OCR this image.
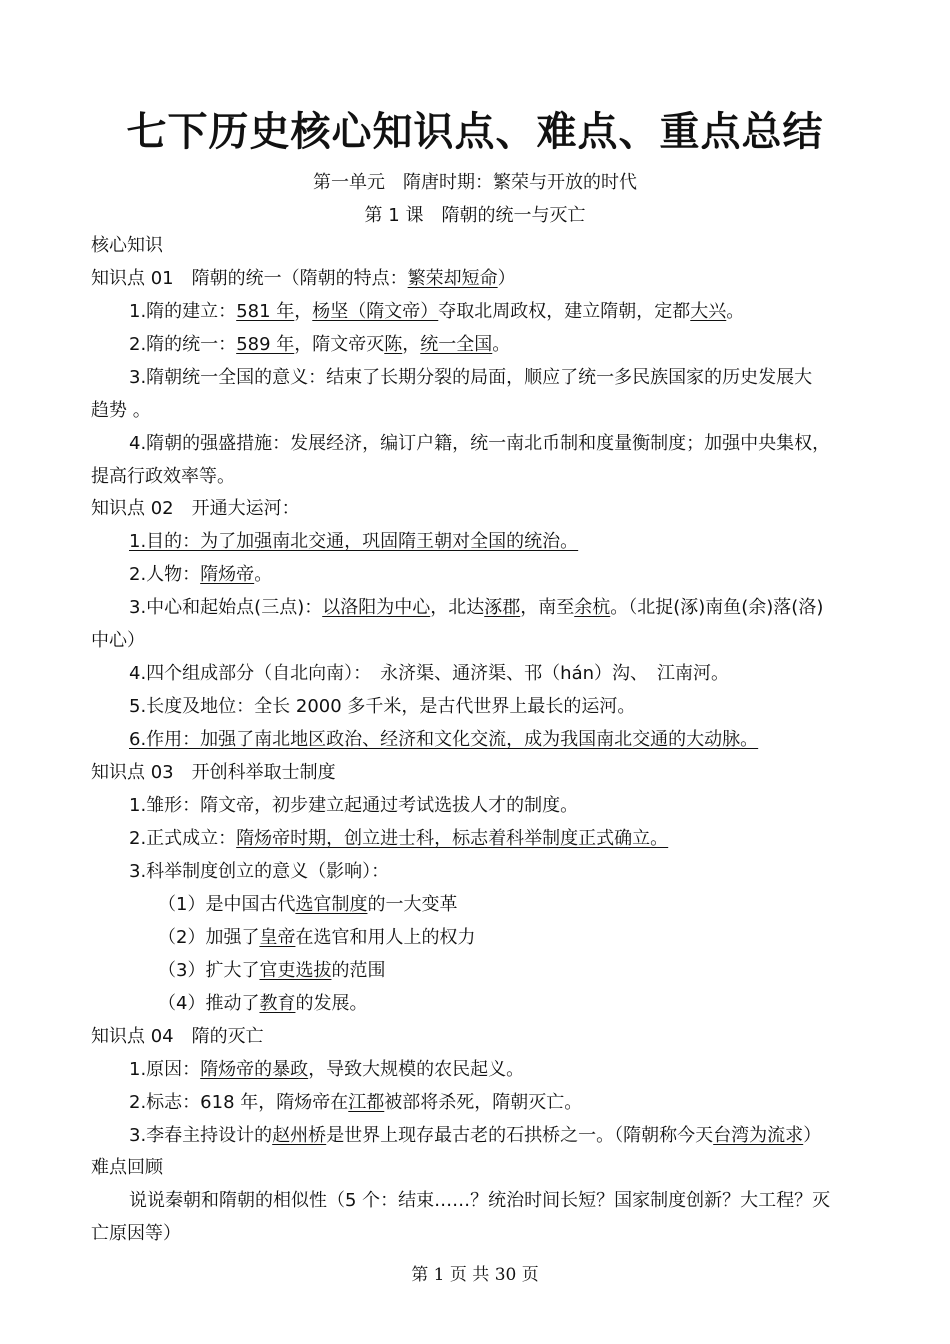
七下历史核心知识点、难点、重点总结
第一单元　隋唐时期：繁荣与开放的时代
第 1 课　隋朝的统一与灭亡
核心知识
知识点 01　隋朝的统一（隋朝的特点：繁荣却短命）
1.隋的建立：581 年，杨坚（隋文帝）夺取北周政权，建立隋朝，定都大兴。
2.隋的统一：589 年，隋文帝灭陈，统一全国。
3.隋朝统一全国的意义：结束了长期分裂的局面，顺应了统一多民族国家的历史发展大
趋势 。
4.隋朝的强盛措施：发展经济，编订户籍，统一南北币制和度量衡制度；加强中央集权，
提高行政效率等。
知识点 02　开通大运河：
1.目的：为了加强南北交通，巩固隋王朝对全国的统治。
2.人物：隋炀帝。
3.中心和起始点(三点)：以洛阳为中心，北达涿郡，南至余杭。（北捉(涿)南鱼(余)落(洛)
中心）
4.四个组成部分（自北向南）：　永济渠、通济渠、邗（hán）沟、　江南河。
5.长度及地位：全长 2000 多千米，是古代世界上最长的运河。
6.作用：加强了南北地区政治、经济和文化交流，成为我国南北交通的大动脉。
知识点 03　开创科举取士制度
1.雏形：隋文帝，初步建立起通过考试选拔人才的制度。
2.正式成立：隋炀帝时期，创立进士科，标志着科举制度正式确立。
3.科举制度创立的意义（影响）：
（1）是中国古代选官制度的一大变革
（2）加强了皇帝在选官和用人上的权力
（3）扩大了官吏选拔的范围
（4）推动了教育的发展。
知识点 04　隋的灭亡
1.原因：隋炀帝的暴政，导致大规模的农民起义。
2.标志：618 年，隋炀帝在江都被部将杀死，隋朝灭亡。
3.李春主持设计的赵州桥是世界上现存最古老的石拱桥之一。（隋朝称今天台湾为流求）
难点回顾
说说秦朝和隋朝的相似性（5 个：结束……？统治时间长短？国家制度创新？大工程？灭
亡原因等）
第 1 页 共 30 页
